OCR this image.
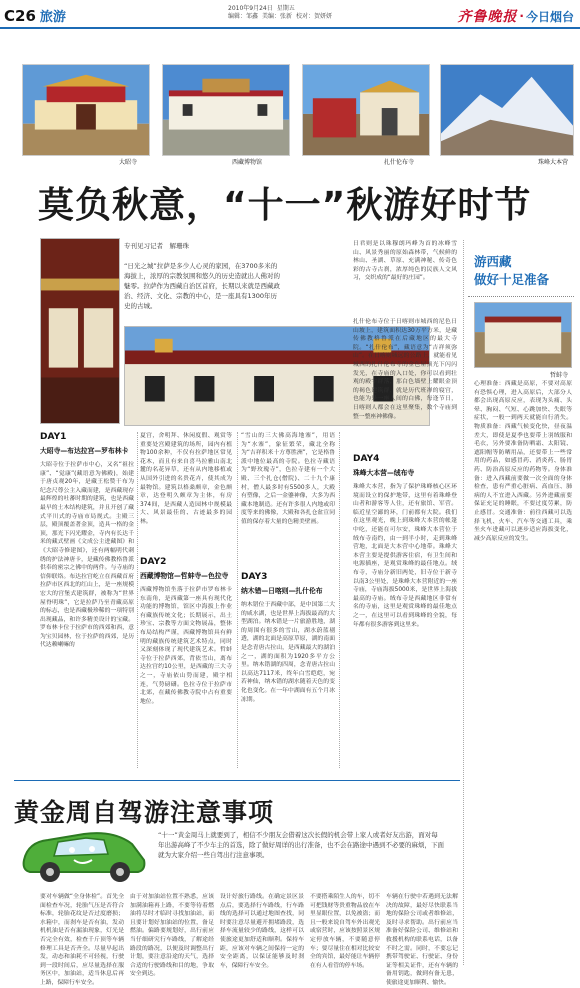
C26 旅游
2010年9月24日 星期五
编辑：邹鑫 美编：张新 校对：贺妍妍	齐鲁晚报 · 今日烟台
大昭寺	西藏博物馆	扎什伦布寺	珠峰大本营
莫负秋意，“十一”秋游好时节
专刊见习记者　解珊珠
“日光之城”拉萨是多少人心灵的家园，在3700多米的海拔上，浓厚的宗教氛围和悠久的历史造就出人佛对的魅零。拉萨作为西藏自治区首府，长期以来就是西藏政治、经济、文化、宗教的中心，是一座具有1300年历史的古城。
日君则是以珠穆朗玛峰为首的冰峰雪山、风景秀丽的原始森林带，气候鲜的林山、圣湖、草原、充满神秘、传奇色彩的古寺古刹，浓厚纯色的民族人文风习，交织成的“最好的庄园”。
扎什伦布寺位于日喀则市城西的尼色日山坡上，建筑面积达30万平方米，是藏传佛教格鲁派在后藏地区的最大寺院。“扎什伦布”，藏语意为“吉祥须弥山”。在日喀则城远的公路上，就能看见城西的扎什伦布寺的金色屋顶光下闪闪发光，在寺庙的入口处，你可以看到壮观的殿宇群落，那白色墙壁上耀眼金顶的褐色建筑群，就是历代班禅的寝宫，也能为是一座人间的白佛，每逢节日，日喀则人都会在这里聚集，数个寺庙到整一整座神佛像。
DAY1
大昭寺—布达拉宫—罗布林卡
大昭寺位于拉萨市中心，又名“祖拉康”、“觉康”(藏语意为佛殿)，始建于唐贞观20年，是藏王松赞干布为纪念尺尊公主入藏而建，是西藏现存最辉煌的吐蕃时期的建筑，也是西藏最早的土木结构建筑，并且开创了藏式平川式的寺庙市局规式。主殿三层，殿顶覆盖著金顶，造具一格的金顶，那光下闪光耀金，寺内有长达千米的藏式壁画《文成公主进藏图》和《大昭寺修建图》，还有两幅明代刺绣的护法神唐卡，是藏传佛教格鲁派供奉的密宗之佛中的两件。与寺庙的信仰联络。布达拉宫屹立在西藏首府拉萨市区西北的红山上，是一座规模宏大的宫堡式建筑群，被称为“世界屋脊明珠”，它是拉萨乃至青藏高原的标志，也是西藏极珍稀的一项特别出现藏品，和许多精美设计的宝藏。罗布林卡位于拉萨市的西郊和西，意为宝贝园林，位于拉萨的西郊，是历代达赖喇嘛的
夏宫，舍明拜、休闲度假、观赏等重要处宫殿建筑的场所，园内有植物100余种，不仅有拉萨地区常见花木，而且有来自喜马拉雅山南北麓的名花异草，还有从内地移植或从国外引进的名贵花卉，使其成为最物馆。建筑以格桑颇章，金色颇章，达登明久颇章为主体，有房374间，是西藏人造园林中规模最大、风景最佳的、古迹最多的园林。
DAY2
西藏博物馆—哲蚌寺—色拉寺
西藏博物馆坐落于拉萨市罗布林卡东南角，是西藏第一座具有现代化功能的博物馆，馆区中海拔上作业有藏族传统文化；长期展示，出土珍宝、宗教等方面文物展品，整体布局结构严谨，西藏博物馆具有鲜明的藏族传统建筑艺术特点，同时又深刻体现了现代建筑艺术。哲蚌寺位于拉萨西郊，背依雪山，离布达拉宫约10公里，是西藏的三大寺之一，寺庙依山势而建，殿宇相连，气势磅礴。色拉寺位于拉萨市北郊，在藏传佛教寺院中占有重要地位。
“雪山的三大佛高海地寨”，用语为“水寨”，象征繁荣，藏北全称为“吉祥积米十方尊胜洲”，它是格鲁派中地位最高的寺院。色拉寺藏语为“野玫瑰寺”，色拉寺建有一个大殿、三个扎仓(僧院)、二十九个康村，僧人最多时有5500多人，大殿有塑像，之后一金鎏神像，大多为西藏本地制造。还有许多很人内地或印度等来的佛像，大殿和各扎仓盆宣同值的保存着大量的色精美壁画。
DAY3
纳木错—日喀则—扎什伦布
纳木错位于西藏中部，是中国第二大的咸水湖，也是世界上海拔最高的大型湖泊。纳木错是一片旅游胜地，湖的周围有很多的雪山，湖水蔚蓝剔透，湖的北面是高原草原，湖的南面是念青唐古拉山，是西藏最大的湖泊之一，湖的面积为1920多平方公里。纳木错湖的四周，念青唐古拉山以高达7117米，终年白雪皑皑，宛若神仙，纳木错的湖水随着天色的变化也变化。在一年中湖面有五个月冰冻期。
DAY4
珠峰大本营—绒布寺
珠峰大本营，指为了保护珠峰核心区环境而设立的保护地带，这里有着珠峰登山者和游客等人住，还有旅馆、军营。临近星空鄙的环，门前都有大院。我们在这里观光，晚上到珠峰大本营的帐篷中吃，还能在可尔安，珠峰大本营位于绒布寺南约，由一到半小时，走到珠峰营地，北面是大本营中心地带。珠峰大本营主要是提供游客住宿，有卫生间和电源插座，是观赏珠峰的最佳地点。绒布寺，寺庙分新旧两处，旧寺位于新寺以南3公里处，是珠峰大本营附近的一座寺庙，寺庙海拔5000米，是世界上海拔最高的寺庙。绒布寺是西藏地区非常有名的寺庙，这里是观赏珠峰的最佳地点之一，在这里可以看到珠峰的全貌，每年都有很多游客到这里来。
游西藏
做好十足准备
哲蚌寺
心理准备：西藏是高原，不要对高原有恐惧心理，进入高原后，大部分人都会出现高原反应，表现为头痛、头晕、胸闷、气短、心跳加快、失眠等症状，一般一到两天就能自行消失。物质准备：西藏气候变化快，昼夜温差大，即使是夏季也要带上羽绒服和毛衣，另外要准备防晒霜、太阳镜、遮阳帽等防晒用品，还要带上一些常用的药品，如感冒药、消炎药、肠胃药、防治高原反应的药物等。身体准备：进入西藏前要做一次全面的身体检查，患有严重心脏病、高血压、肺病的人不宜进入西藏。另外进藏前要保证充足的睡眠，不要过度劳累，防止感冒。交通准备：前往西藏可以选择飞机、火车、汽车等交通工具，乘坐火车进藏可以逐步适应海拔变化，减少高原反应的发生。
黄金周自驾游注意事项
“十一”黄金周马上就要到了，相信不少朋友会借着这次长假的机会带上家人或者好友出游，面对每年出游高峰了不少车主的首选，除了做好周详的出行准备，也不会在路途中遇到不必要的麻烦，下面就为大家介绍一些自驾出行注意事项。
要对车辆做“全身体检”。首先全面检查车况，轮胎气压是否符合标准，轮胎花纹是否过度磨损；水箱中，而刹车是否有油，发动机机油是否有漏油现象，灯光是否完全有效，检查千斤顶等车辆修理工具是否齐全。尽量早起出发，动态和油耗不可轻视，行驶到一段时间后，应尽量选择在服务区中，加油站，适当休息后再上路，保障行车安全。
由于对加油站位置不熟悉，应该加满油箱再上路，不要等待着燃油将尽时才临时寻找加油站，而且要计划好加油站的位置，备足燃油。偏路要规划好，出行前应当仔细研究行车路线，了解途经路段的路况，以便及时调整出行计划，要注意沿途的天气，选择合适的行驶路线和目的地，争取安全到达。
设计好旅行路线。在确定景区景点后，要选择行车路线，行车路线的选择可以通过地图查找，同时要注意尽量避开拥堵路段，选择车流量较少的路线，这样可以使旅途更加舒适和顺利。保持车距，应该对车辆之间保持一定的安全距离，以保证能够及时刹车，保障行车安全。
不要搭乘陌生人的车，切不可把钱财等贵重物品放在车里显眼位置，以免被盗；而且一般来说自驾车外出观光或宿营时，应该按照景区规定停放车辆，不要随意停车；要尽量住在相对比较安全的宾馆，最好能让车辆停在有人看管的停车场。
车辆在行驶中若遇到无法解决的故障，最好尽快联系当地的保险公司或者维修站，及时寻求帮助。出行前应当准备好保险公司、维修站和救援机构的联系电话，以备不时之需。同时，不要忘记携带驾驶证、行驶证、身份证等相关证件，还有车辆的备用钥匙，做到有备无患，使旅途更加顺利、愉快。
